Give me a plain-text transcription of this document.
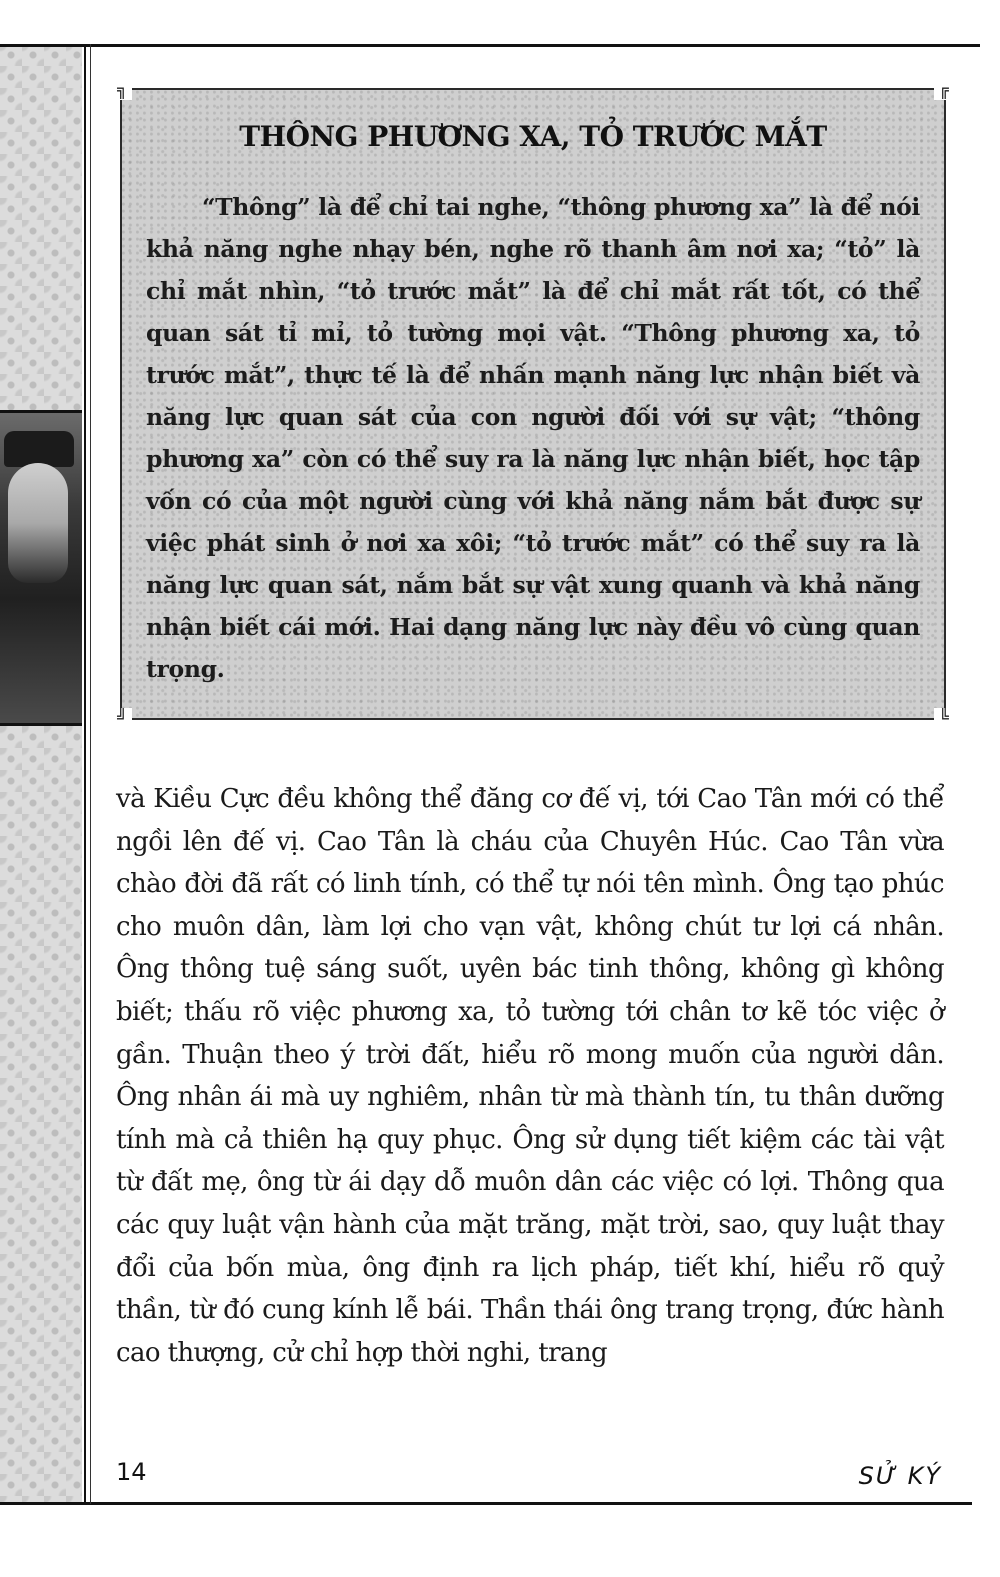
╗	╔
╝	╚
THÔNG PHƯƠNG XA, TỎ TRƯỚC MẮT

“Thông” là để chỉ tai nghe, “thông phương xa” là để nói khả năng nghe nhạy bén, nghe rõ thanh âm nơi xa; “tỏ” là chỉ mắt nhìn, “tỏ trước mắt” là để chỉ mắt rất tốt, có thể quan sát tỉ mỉ, tỏ tường mọi vật. “Thông phương xa, tỏ trước mắt”, thực tế là để nhấn mạnh năng lực nhận biết và năng lực quan sát của con người đối với sự vật; “thông phương xa” còn có thể suy ra là năng lực nhận biết, học tập vốn có của một người cùng với khả năng nắm bắt được sự việc phát sinh ở nơi xa xôi; “tỏ trước mắt” có thể suy ra là năng lực quan sát, nắm bắt sự vật xung quanh và khả năng nhận biết cái mới. Hai dạng năng lực này đều vô cùng quan trọng.

và Kiều Cực đều không thể đăng cơ đế vị, tới Cao Tân mới có thể ngồi lên đế vị. Cao Tân là cháu của Chuyên Húc. Cao Tân vừa chào đời đã rất có linh tính, có thể tự nói tên mình. Ông tạo phúc cho muôn dân, làm lợi cho vạn vật, không chút tư lợi cá nhân. Ông thông tuệ sáng suốt, uyên bác tinh thông, không gì không biết; thấu rõ việc phương xa, tỏ tường tới chân tơ kẽ tóc việc ở gần. Thuận theo ý trời đất, hiểu rõ mong muốn của người dân. Ông nhân ái mà uy nghiêm, nhân từ mà thành tín, tu thân dưỡng tính mà cả thiên hạ quy phục. Ông sử dụng tiết kiệm các tài vật từ đất mẹ, ông từ ái dạy dỗ muôn dân các việc có lợi. Thông qua các quy luật vận hành của mặt trăng, mặt trời, sao, quy luật thay đổi của bốn mùa, ông định ra lịch pháp, tiết khí, hiểu rõ quỷ thần, từ đó cung kính lễ bái. Thần thái ông trang trọng, đức hành cao thượng, cử chỉ hợp thời nghi, trang

14	SỬ KÝ
